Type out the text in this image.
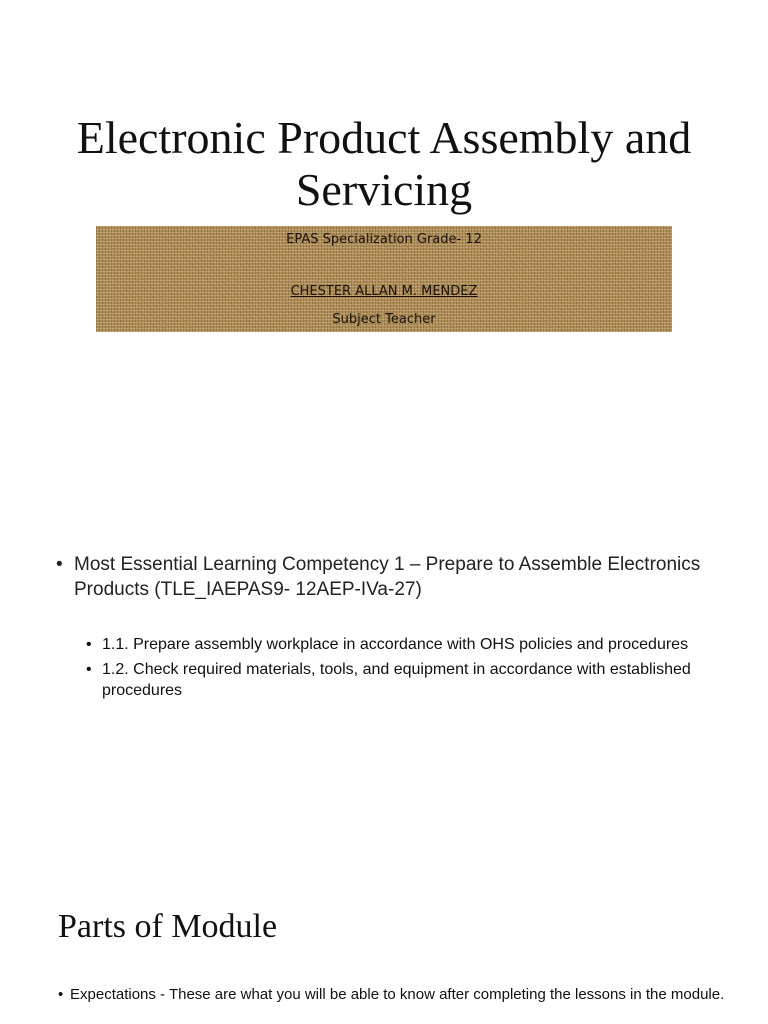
Electronic Product Assembly and Servicing
EPAS Specialization Grade- 12
CHESTER ALLAN M. MENDEZ
Subject Teacher
• Most Essential Learning Competency 1 – Prepare to Assemble Electronics Products (TLE_IAEPAS9- 12AEP-IVa-27)
• 1.1. Prepare assembly workplace in accordance with OHS policies and procedures
• 1.2. Check required materials, tools, and equipment in accordance with established procedures
Parts of Module
• Expectations - These are what you will be able to know after completing the lessons in the module.
